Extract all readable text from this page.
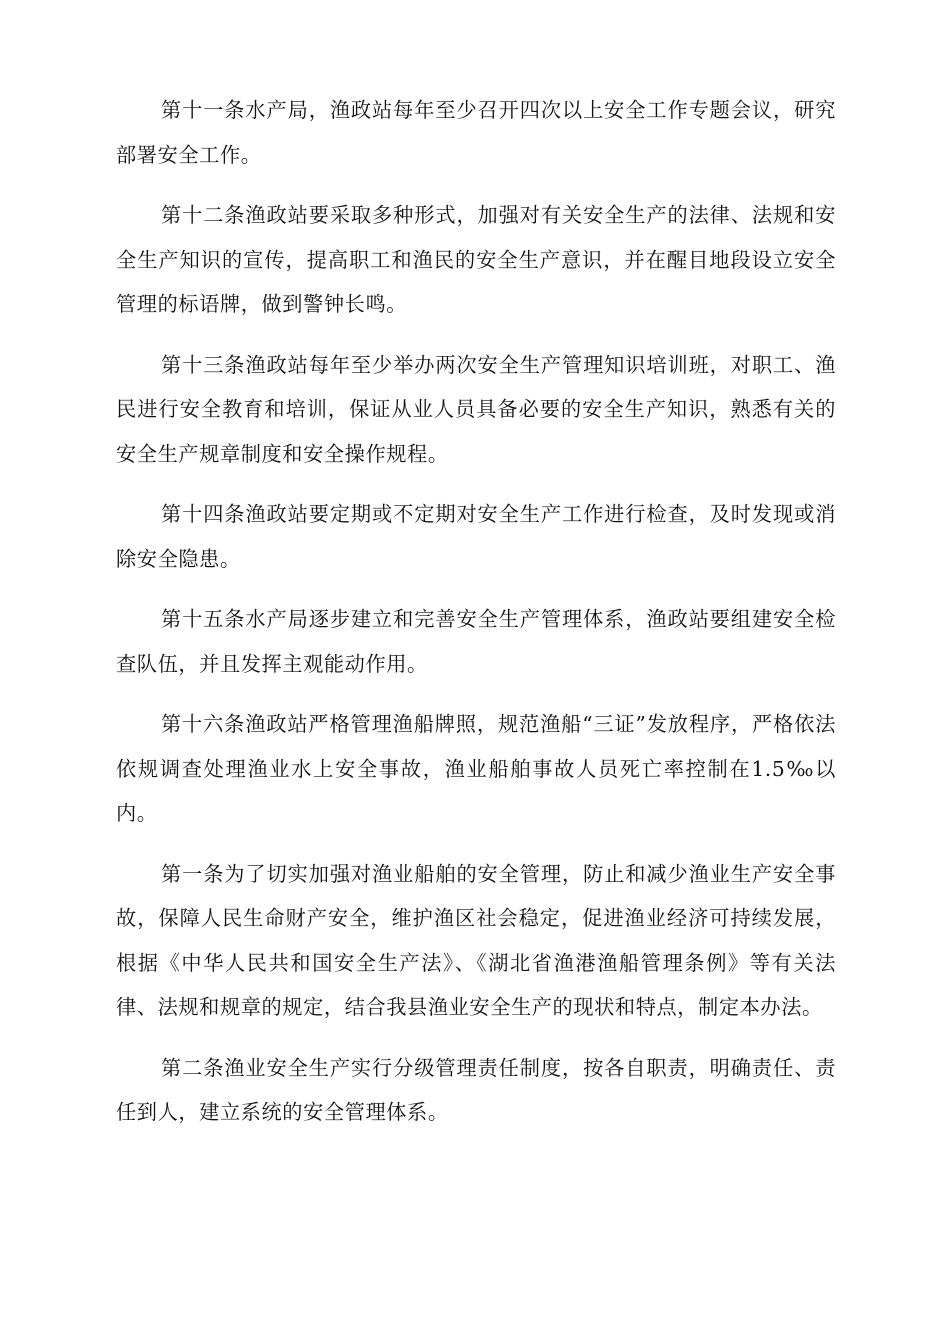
第十一条水产局，渔政站每年至少召开四次以上安全工作专题会议，研究部署安全工作。

第十二条渔政站要采取多种形式，加强对有关安全生产的法律、法规和安全生产知识的宣传，提高职工和渔民的安全生产意识，并在醒目地段设立安全管理的标语牌，做到警钟长鸣。

第十三条渔政站每年至少举办两次安全生产管理知识培训班，对职工、渔民进行安全教育和培训，保证从业人员具备必要的安全生产知识，熟悉有关的安全生产规章制度和安全操作规程。

第十四条渔政站要定期或不定期对安全生产工作进行检查，及时发现或消除安全隐患。

第十五条水产局逐步建立和完善安全生产管理体系，渔政站要组建安全检查队伍，并且发挥主观能动作用。

第十六条渔政站严格管理渔船牌照，规范渔船“三证”发放程序，严格依法依规调查处理渔业水上安全事故，渔业船舶事故人员死亡率控制在1.5‰以内。

第一条为了切实加强对渔业船舶的安全管理，防止和减少渔业生产安全事故，保障人民生命财产安全，维护渔区社会稳定，促进渔业经济可持续发展，根据《中华人民共和国安全生产法》、《湖北省渔港渔船管理条例》等有关法律、法规和规章的规定，结合我县渔业安全生产的现状和特点，制定本办法。

第二条渔业安全生产实行分级管理责任制度，按各自职责，明确责任、责任到人，建立系统的安全管理体系。
